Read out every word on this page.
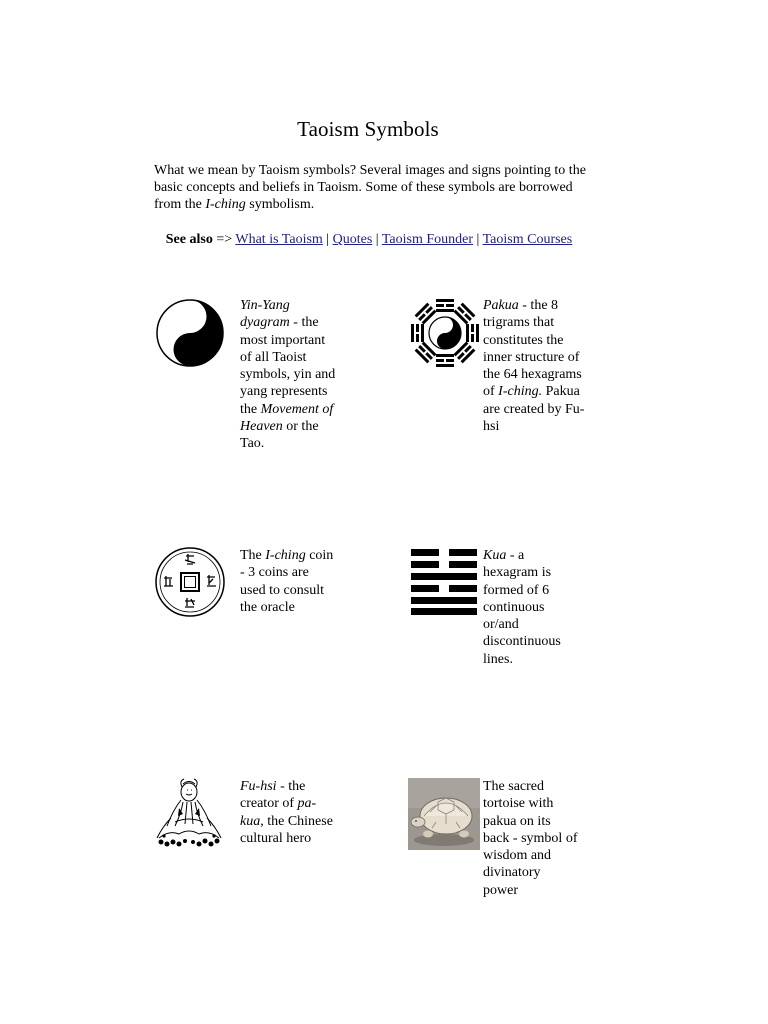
Taoism Symbols
What we mean by Taoism symbols? Several images and signs pointing to the basic concepts and beliefs in Taoism. Some of these symbols are borrowed from the I-ching symbolism.
See also => What is Taoism | Quotes | Taoism Founder | Taoism Courses
Yin-Yang dyagram - the most important of all Taoist symbols, yin and yang represents the Movement of Heaven or the Tao.
Pakua - the 8 trigrams that constitutes the inner structure of the 64 hexagrams of I-ching. Pakua are created by Fu-hsi
The I-ching coin - 3 coins are used to consult the oracle
Kua - a hexagram is formed of 6 continuous or/and discontinuous lines.
Fu-hsi - the creator of pa-kua, the Chinese cultural hero
The sacred tortoise with pakua on its back - symbol of wisdom and divinatory power
